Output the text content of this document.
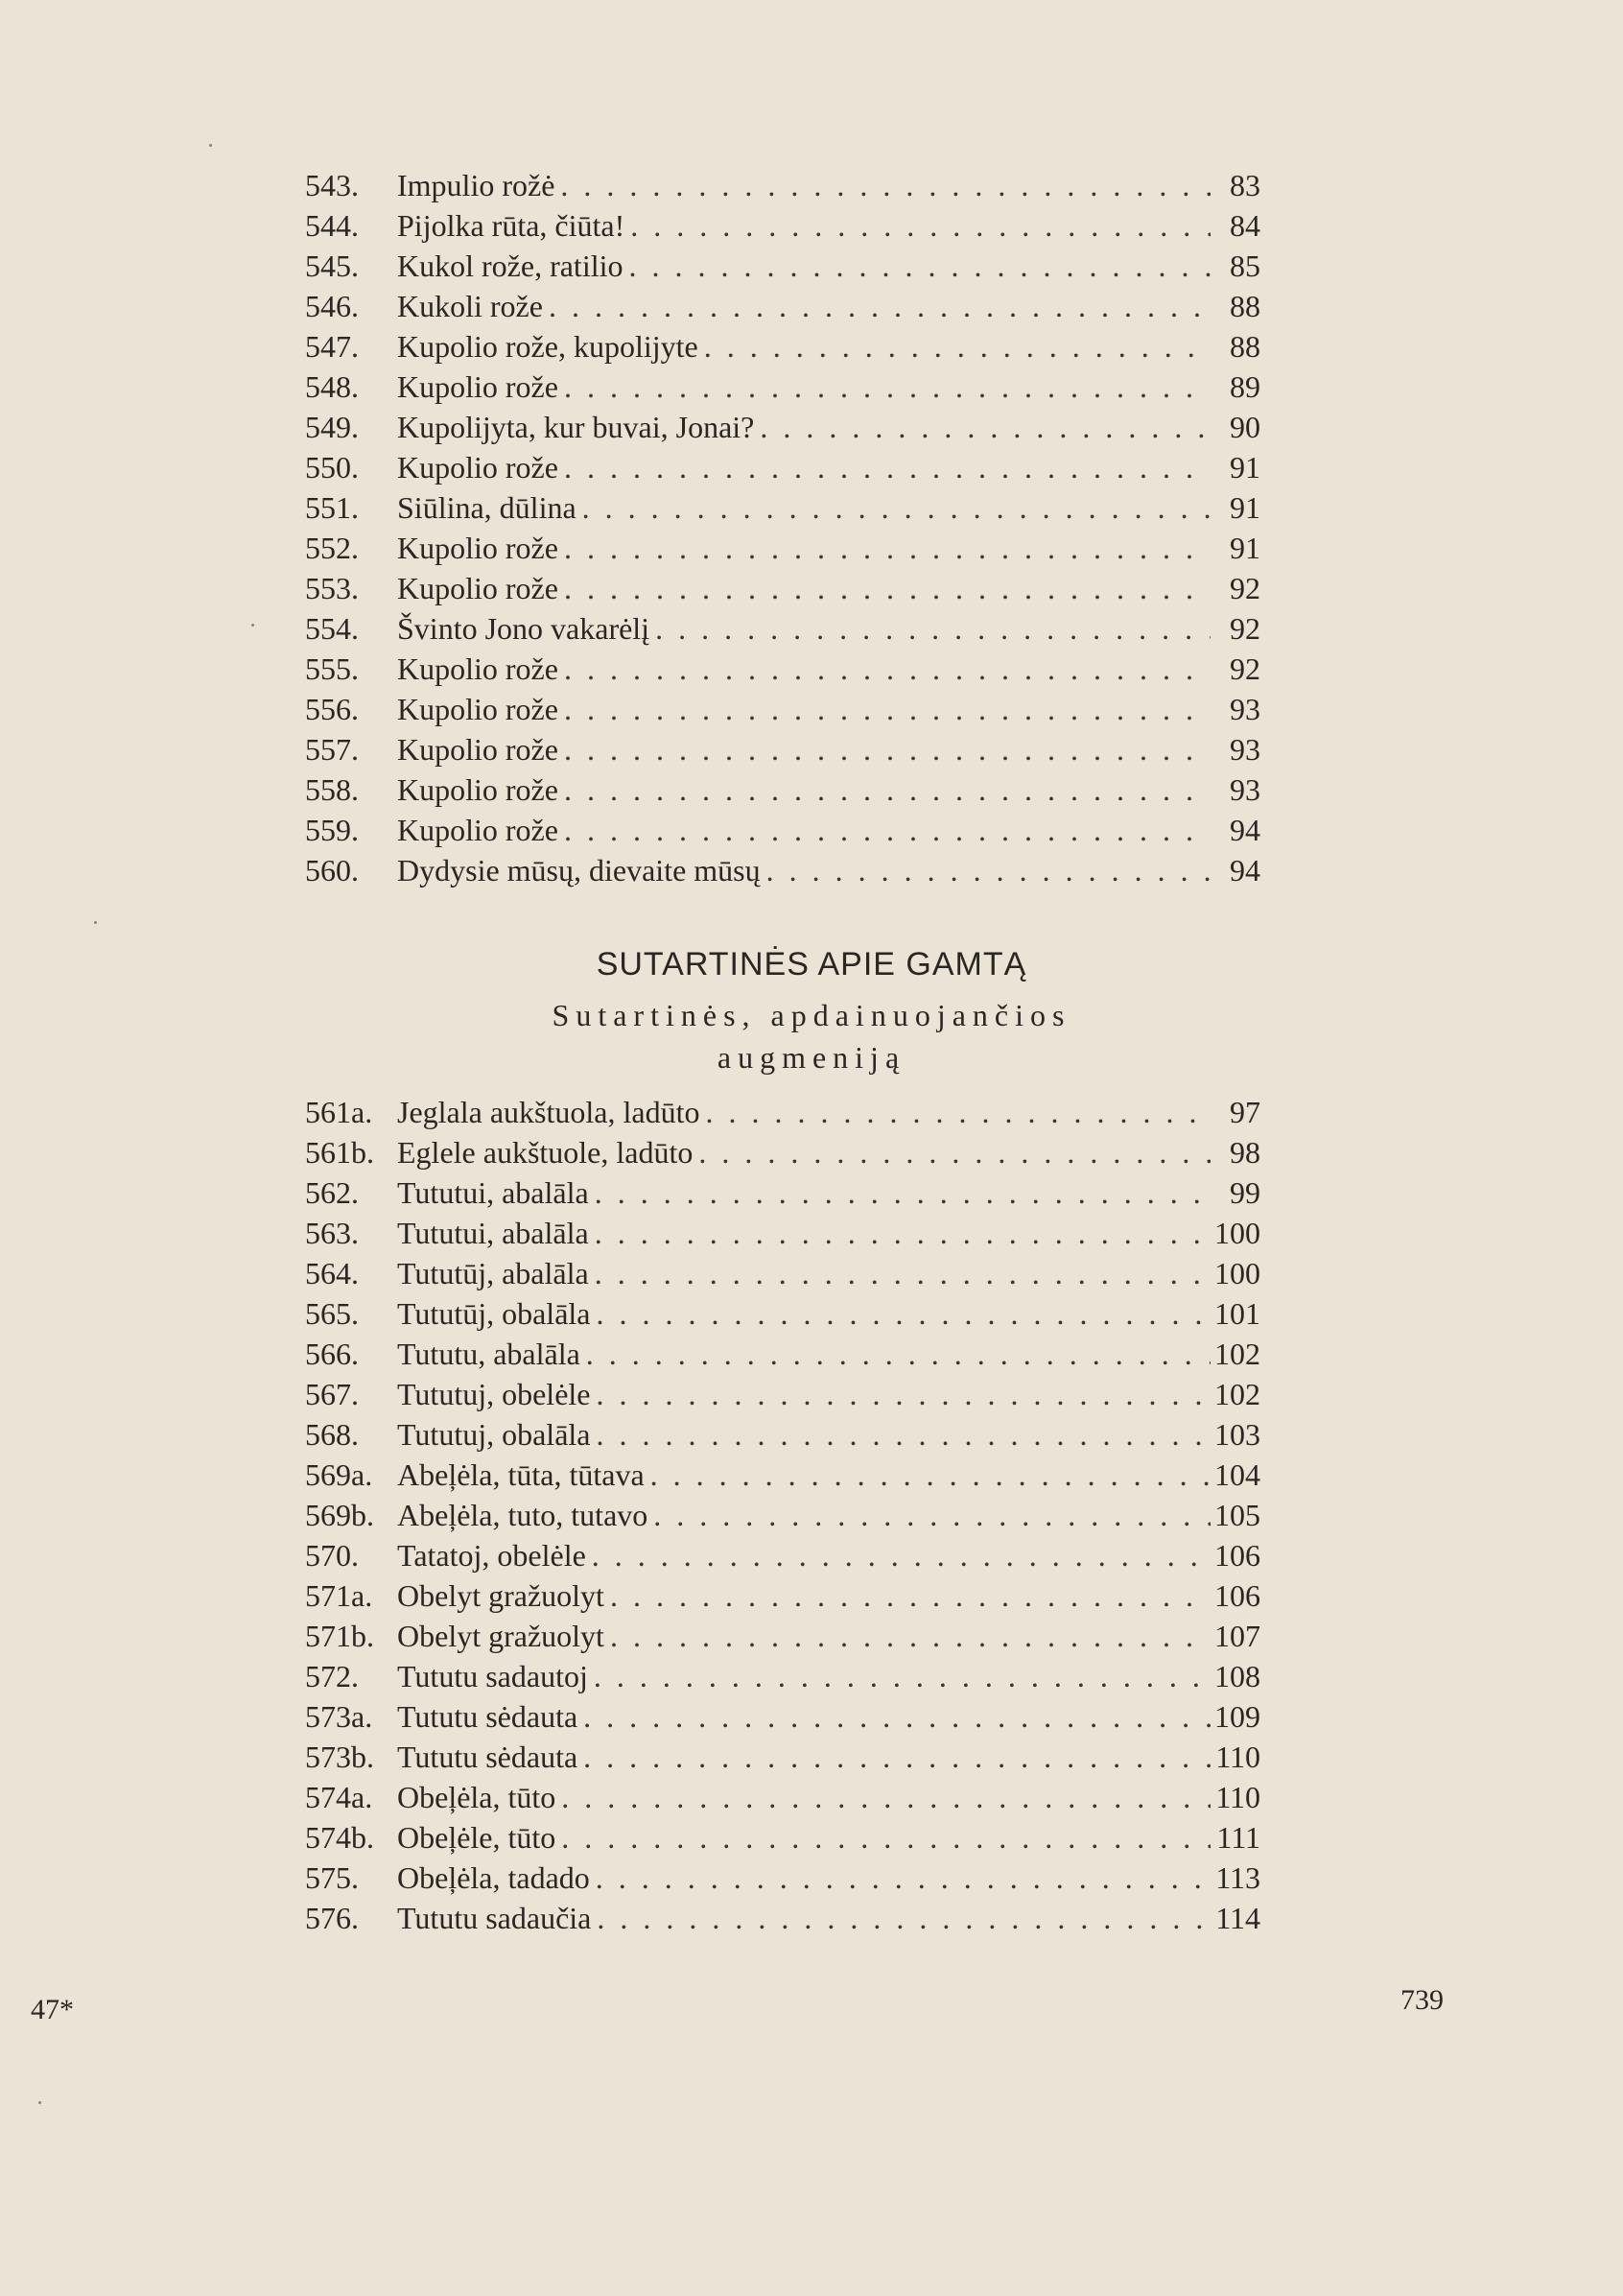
543.	Impulio rožė . . .	83
544.	Pijolka rūta, čiūta! . . .	84
545.	Kukol rože, ratilio . . .	85
546.	Kukoli rože . . .	88
547.	Kupolio rože, kupolijyte . . .	88
548.	Kupolio rože . . .	89
549.	Kupolijyta, kur buvai, Jonai? . . .	90
550.	Kupolio rože . . .	91
551.	Siūlina, dūlina . . .	91
552.	Kupolio rože . . .	91
553.	Kupolio rože . . .	92
554.	Švinto Jono vakarėlį . . .	92
555.	Kupolio rože . . .	92
556.	Kupolio rože . . .	93
557.	Kupolio rože . . .	93
558.	Kupolio rože . . .	93
559.	Kupolio rože . . .	94
560.	Dydysie mūsų, dievaite mūsų . . .	94
SUTARTINĖS APIE GAMTĄ
Sutartinės, apdainuojančios
augmeniją
561a. Jeglala aukštuola, ladūto . . .	97
561b. Eglele aukštuole, ladūto . . .	98
562.	Tututui, abalāla . . .	99
563.	Tututui, abalāla . . .	100
564.	Tututūj, abalāla . . .	100
565.	Tututūj, obalāla . . .	101
566.	Tututu, abalāla . . .	102
567.	Tututuj, obelėle . . .	102
568.	Tututuj, obalāla . . .	103
569a. Abeļėla, tūta, tūtava . . .	104
569b. Abeļėla, tuto, tutavo . . .	105
570.	Tatatoj, obelėle . . .	106
571a. Obelyt gražuolyt . . .	106
571b. Obelyt gražuolyt . . .	107
572.	Tututu sadautoj . . .	108
573a. Tututu sėdauta . . .	109
573b. Tututu sėdauta . . .	110
574a. Obeļėla, tūto . . .	110
574b. Obeļėle, tūto . . .	111
575.	Obeļėla, tadado . . .	113
576.	Tututu sadaučia . . .	114
47*	739
